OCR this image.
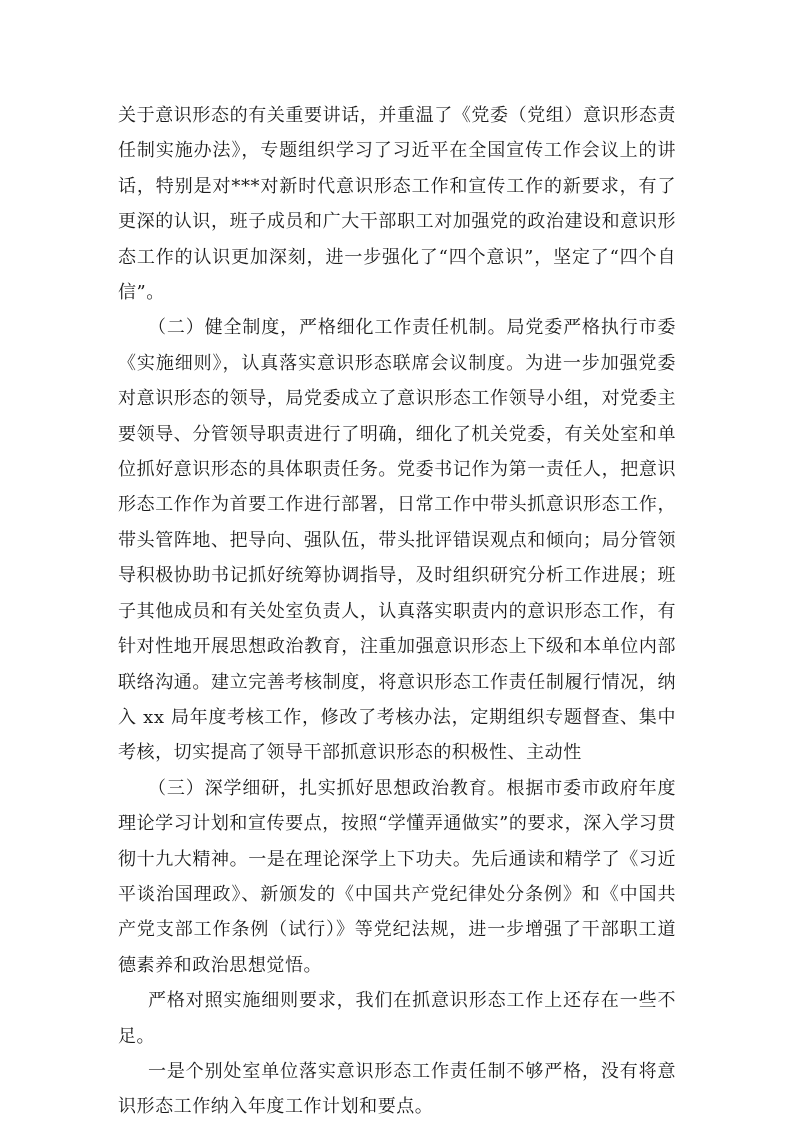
关于意识形态的有关重要讲话，并重温了《党委（党组）意识形态责任制实施办法》，专题组织学习了习近平在全国宣传工作会议上的讲话，特别是对***对新时代意识形态工作和宣传工作的新要求，有了更深的认识，班子成员和广大干部职工对加强党的政治建设和意识形态工作的认识更加深刻，进一步强化了“四个意识”，坚定了“四个自信”。

（二）健全制度，严格细化工作责任机制。局党委严格执行市委《实施细则》，认真落实意识形态联席会议制度。为进一步加强党委对意识形态的领导，局党委成立了意识形态工作领导小组，对党委主要领导、分管领导职责进行了明确，细化了机关党委，有关处室和单位抓好意识形态的具体职责任务。党委书记作为第一责任人，把意识形态工作作为首要工作进行部署，日常工作中带头抓意识形态工作，带头管阵地、把导向、强队伍，带头批评错误观点和倾向；局分管领导积极协助书记抓好统筹协调指导，及时组织研究分析工作进展；班子其他成员和有关处室负责人，认真落实职责内的意识形态工作，有针对性地开展思想政治教育，注重加强意识形态上下级和本单位内部联络沟通。建立完善考核制度，将意识形态工作责任制履行情况，纳入 xx 局年度考核工作，修改了考核办法，定期组织专题督查、集中考核，切实提高了领导干部抓意识形态的积极性、主动性

（三）深学细研，扎实抓好思想政治教育。根据市委市政府年度理论学习计划和宣传要点，按照“学懂弄通做实”的要求，深入学习贯彻十九大精神。一是在理论深学上下功夫。先后通读和精学了《习近平谈治国理政》、新颁发的《中国共产党纪律处分条例》和《中国共产党支部工作条例（试行）》等党纪法规，进一步增强了干部职工道德素养和政治思想觉悟。

严格对照实施细则要求，我们在抓意识形态工作上还存在一些不足。

一是个别处室单位落实意识形态工作责任制不够严格，没有将意识形态工作纳入年度工作计划和要点。
